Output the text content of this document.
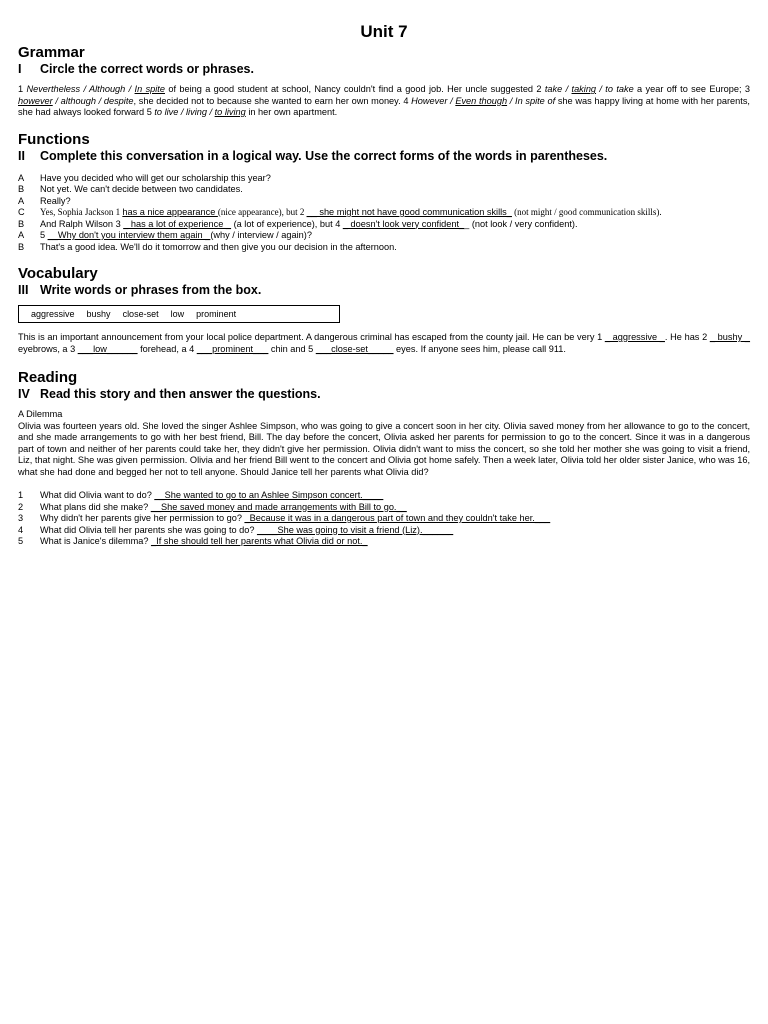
Unit 7
Grammar
I	Circle the correct words or phrases.

1 Nevertheless / Although / In spite of being a good student at school, Nancy couldn't find a good job. Her uncle suggested 2 take / taking / to take a year off to see Europe; 3 however / although / despite, she decided not to because she wanted to earn her own money. 4 However / Even though / In spite of she was happy living at home with her parents, she had always looked forward 5 to live / living / to living in her own apartment.

Functions
II	Complete this conversation in a logical way. Use the correct forms of the words in parentheses.
A	Have you decided who will get our scholarship this year?
B	Not yet. We can't decide between two candidates.
A	Really?
C	Yes, Sophia Jackson 1 has a nice appearance (nice appearance), but 2 __ she might not have good communication skills_ (not might / good communication skills).
B	And Ralph Wilson 3 _ has a lot of experience _ (a lot of experience), but 4 _ doesn't look very confident__ (not look / very confident).
A	5 __Why don't you interview them again _(why / interview / again)?
B	That's a good idea. We'll do it tomorrow and then give you our decision in the afternoon.
Vocabulary
III Write words or phrases from the box.
aggressive bushy close-set low prominent

This is an important announcement from your local police department. A dangerous criminal has escaped from the county jail. He can be very 1 _ aggressive _. He has 2 _ bushy _ eyebrows, a 3 ___low______ forehead, a 4 ___prominent___ chin and 5 ___close-set_____ eyes. If anyone sees him, please call 911.

Reading
IV Read this story and then answer the questions.

A Dilemma

Olivia was fourteen years old. She loved the singer Ashlee Simpson, who was going to give a concert soon in her city. Olivia saved money from her allowance to go to the concert, and she made arrangements to go with her best friend, Bill. The day before the concert, Olivia asked her parents for permission to go to the concert. Since it was in a dangerous part of town and neither of her parents could take her, they didn't give her permission. Olivia didn't want to miss the concert, so she told her mother she was going to visit a friend, Liz, that night. She was given permission. Olivia and her friend Bill went to the concert and Olivia got home safely. Then a week later, Olivia told her older sister Janice, who was 16, what she had done and begged her not to tell anyone. Should Janice tell her parents what Olivia did?

1	What did Olivia want to do? __She wanted to go to an Ashlee Simpson concert.____
2	What plans did she make? __She saved money and made arrangements with Bill to go.__
3	Why didn't her parents give her permission to go? _Because it was in a dangerous part of town and they couldn't take her.___
4	What did Olivia tell her parents she was going to do? ____She was going to visit a friend (Liz).______
5	What is Janice's dilemma? _If she should tell her parents what Olivia did or not._
